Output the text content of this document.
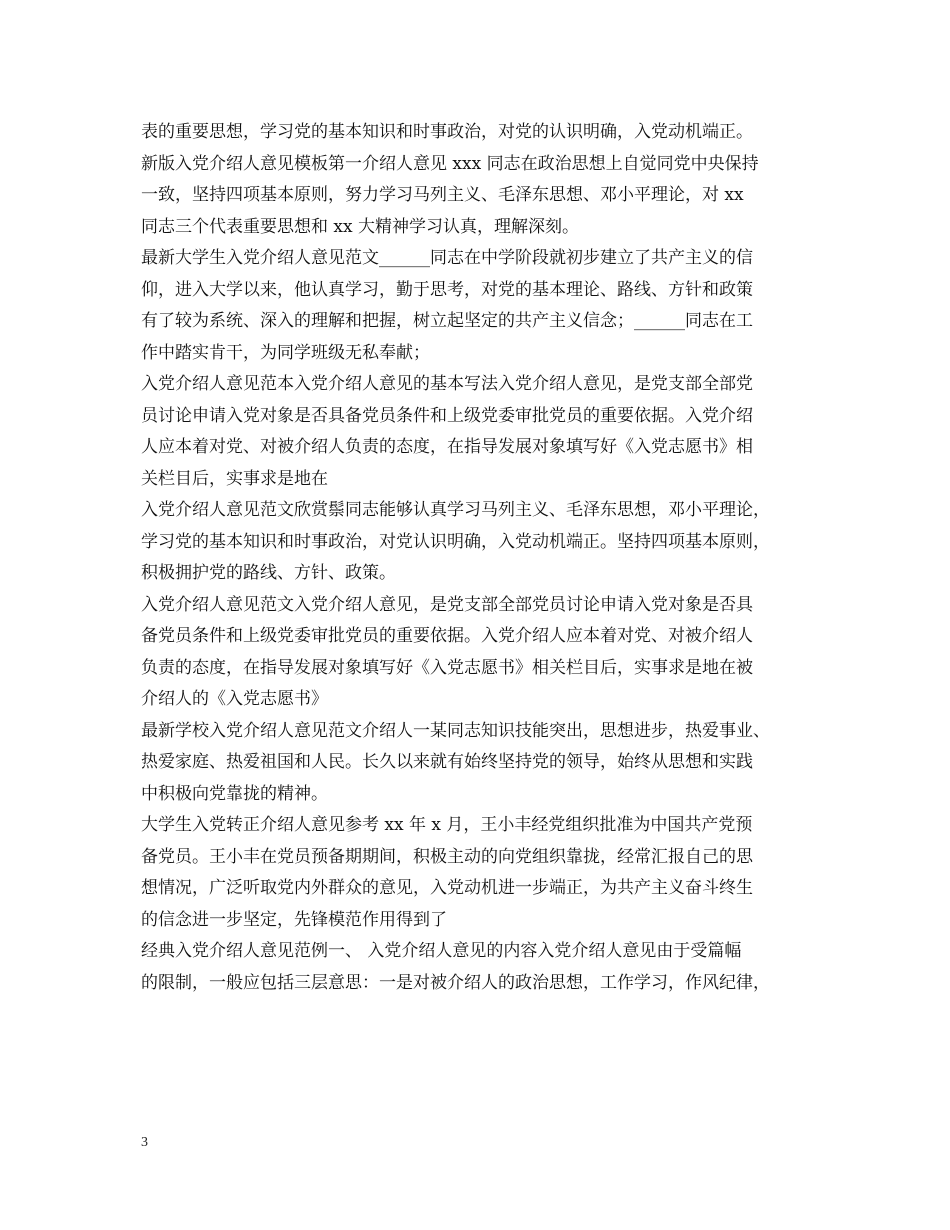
表的重要思想，学习党的基本知识和时事政治，对党的认识明确，入党动机端正。
新版入党介绍人意见模板第一介绍人意见 xxx 同志在政治思想上自觉同党中央保持
一致，坚持四项基本原则，努力学习马列主义、毛泽东思想、邓小平理论，对 xx
同志三个代表重要思想和 xx 大精神学习认真，理解深刻。
最新大学生入党介绍人意见范文______同志在中学阶段就初步建立了共产主义的信
仰，进入大学以来，他认真学习，勤于思考，对党的基本理论、路线、方针和政策
有了较为系统、深入的理解和把握，树立起坚定的共产主义信念；______同志在工
作中踏实肯干，为同学班级无私奉献；
入党介绍人意见范本入党介绍人意见的基本写法入党介绍人意见，是党支部全部党
员讨论申请入党对象是否具备党员条件和上级党委审批党员的重要依据。入党介绍
人应本着对党、对被介绍人负责的态度，在指导发展对象填写好《入党志愿书》相
关栏目后，实事求是地在
入党介绍人意见范文欣赏鬃同志能够认真学习马列主义、毛泽东思想，邓小平理论，
学习党的基本知识和时事政治，对党认识明确，入党动机端正。坚持四项基本原则，
积极拥护党的路线、方针、政策。
入党介绍人意见范文入党介绍人意见，是党支部全部党员讨论申请入党对象是否具
备党员条件和上级党委审批党员的重要依据。入党介绍人应本着对党、对被介绍人
负责的态度，在指导发展对象填写好《入党志愿书》相关栏目后，实事求是地在被
介绍人的《入党志愿书》
最新学校入党介绍人意见范文介绍人一某同志知识技能突出，思想进步，热爱事业、
热爱家庭、热爱祖国和人民。长久以来就有始终坚持党的领导，始终从思想和实践
中积极向党靠拢的精神。
大学生入党转正介绍人意见参考 xx 年 x 月，王小丰经党组织批准为中国共产党预
备党员。王小丰在党员预备期期间，积极主动的向党组织靠拢，经常汇报自己的思
想情况，广泛听取党内外群众的意见，入党动机进一步端正，为共产主义奋斗终生
的信念进一步坚定，先锋模范作用得到了
经典入党介绍人意见范例一、 入党介绍人意见的内容入党介绍人意见由于受篇幅
的限制，一般应包括三层意思：一是对被介绍人的政治思想，工作学习，作风纪律，
3
